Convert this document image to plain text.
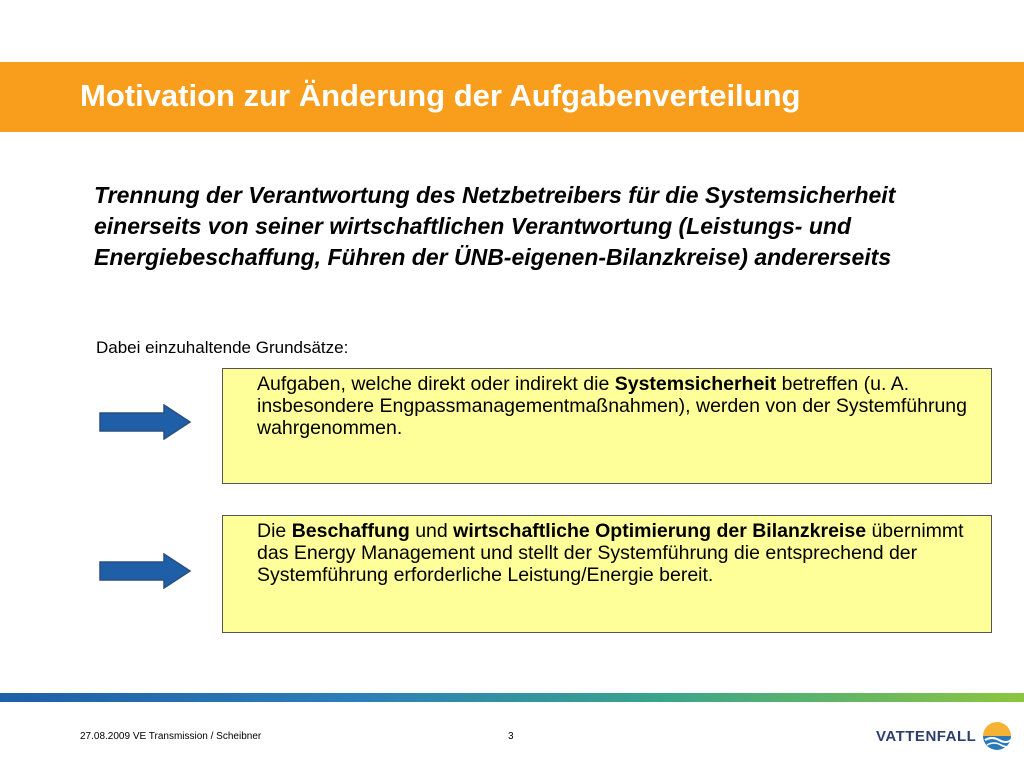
Motivation zur Änderung der Aufgabenverteilung
Trennung der Verantwortung des Netzbetreibers für die Systemsicherheit einerseits von seiner wirtschaftlichen Verantwortung (Leistungs- und Energiebeschaffung, Führen der ÜNB-eigenen-Bilanzkreise) andererseits
Dabei einzuhaltende Grundsätze:
Aufgaben, welche direkt oder indirekt die Systemsicherheit betreffen (u. A. insbesondere Engpassmanagementmaßnahmen), werden von der Systemführung wahrgenommen.
Die Beschaffung und wirtschaftliche Optimierung der Bilanzkreise übernimmt das Energy Management und stellt der Systemführung die entsprechend der Systemführung erforderliche Leistung/Energie bereit.
27.08.2009 VE Transmission / Scheibner	3	VATTENFALL
